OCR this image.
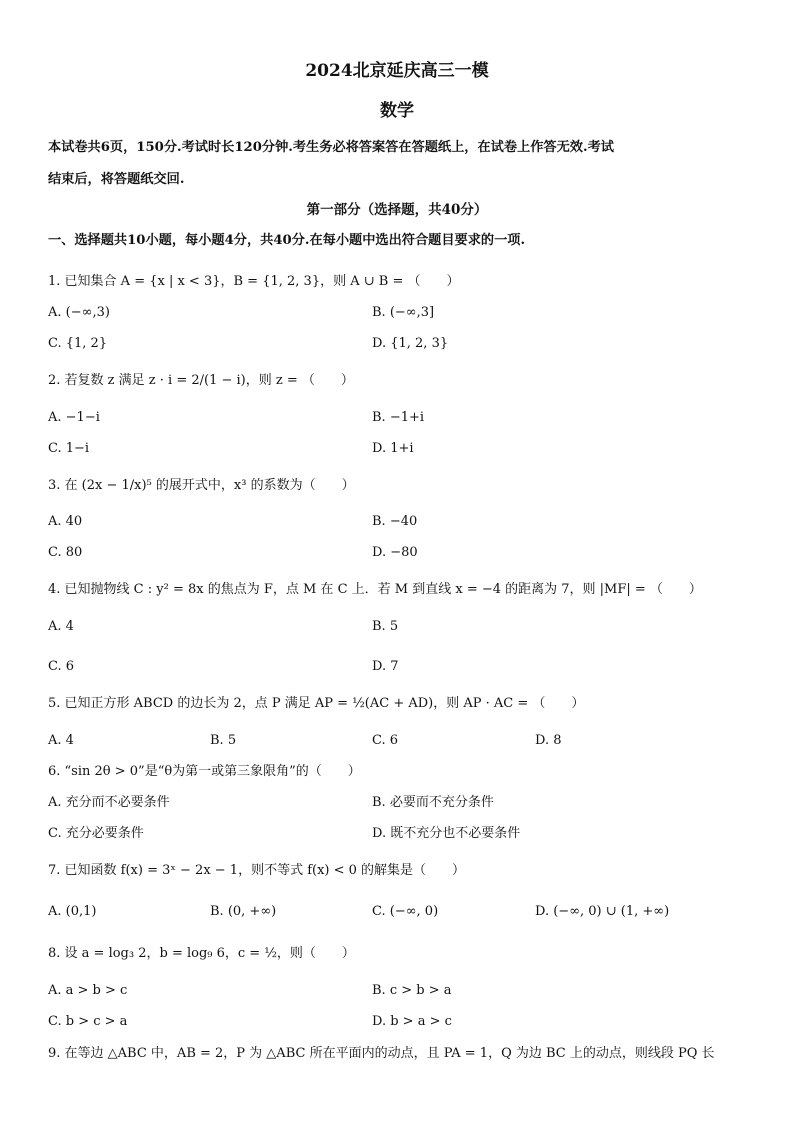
2024北京延庆高三一模
数学
本试卷共6页，150分.考试时长120分钟.考生务必将答案答在答题纸上，在试卷上作答无效.考试
结束后，将答题纸交回.
第一部分（选择题，共40分）
一、选择题共10小题，每小题4分，共40分.在每小题中选出符合题目要求的一项.
1. 已知集合 A = {x | x < 3}，B = {1, 2, 3}，则 A ∪ B = （　　）
A. (−∞,3)	B. (−∞,3]
C. {1, 2}	D. {1, 2, 3}
2. 若复数 z 满足 z · i = 2/(1 − i)，则 z = （　　）
A. −1−i	B. −1+i
C. 1−i	D. 1+i
3. 在 (2x − 1/x)⁵ 的展开式中，x³ 的系数为（　　）
A. 40	B. −40
C. 80	D. −80
4. 已知抛物线 C : y² = 8x 的焦点为 F，点 M 在 C 上．若 M 到直线 x = −4 的距离为 7，则 |MF| = （　　）
A. 4	B. 5
C. 6	D. 7
5. 已知正方形 ABCD 的边长为 2，点 P 满足 AP = ½(AC + AD)，则 AP · AC = （　　）
A. 4	B. 5	C. 6	D. 8
6. “sin 2θ > 0”是“θ为第一或第三象限角”的（　　）
A. 充分而不必要条件	B. 必要而不充分条件
C. 充分必要条件	D. 既不充分也不必要条件
7. 已知函数 f(x) = 3ˣ − 2x − 1，则不等式 f(x) < 0 的解集是（　　）
A. (0,1)	B. (0, +∞)	C. (−∞, 0)	D. (−∞, 0) ∪ (1, +∞)
8. 设 a = log₃ 2，b = log₉ 6，c = ½，则（　　）
A. a > b > c	B. c > b > a
C. b > c > a	D. b > a > c
9. 在等边 △ABC 中，AB = 2，P 为 △ABC 所在平面内的动点，且 PA = 1，Q 为边 BC 上的动点，则线段 PQ 长
